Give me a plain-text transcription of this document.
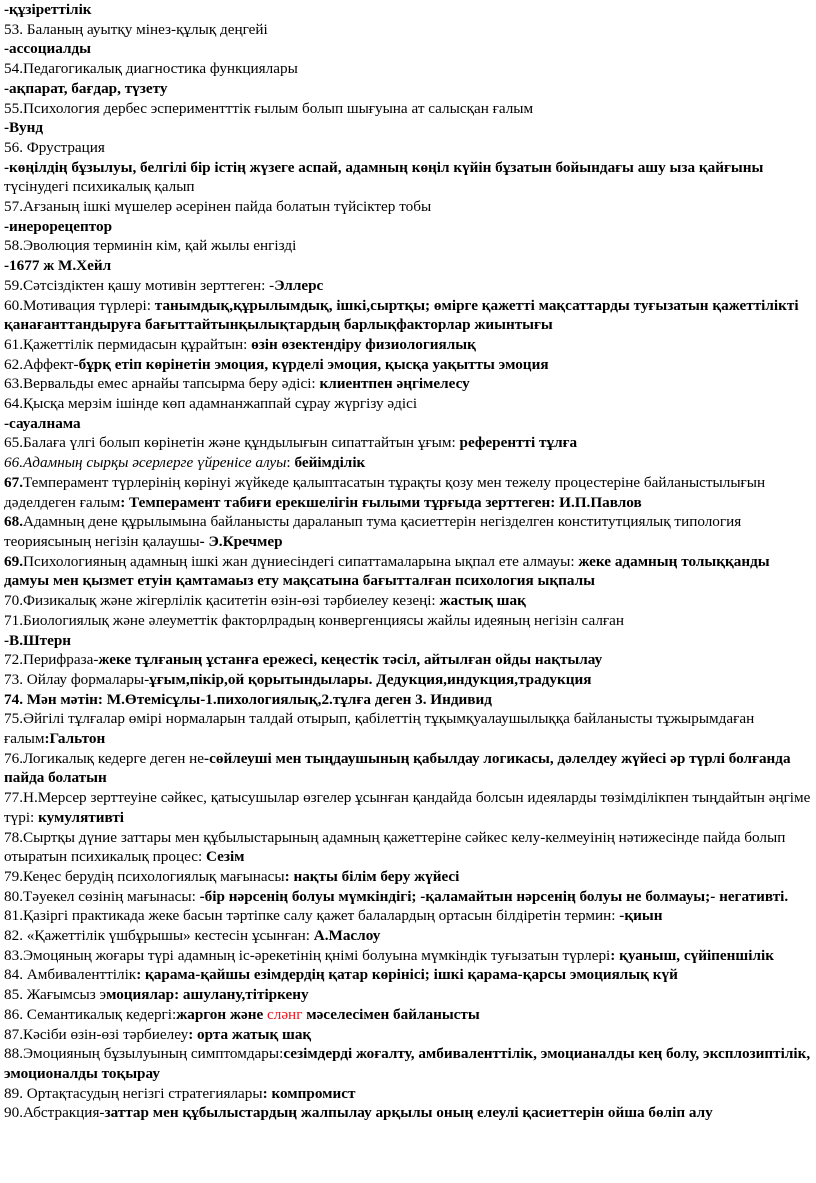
-құзіреттілік
53. Баланың ауытқу мінез-құлық деңгейі
-ассоциалды
54.Педагогикалық диагностика функциялары
-ақпарат, бағдар, түзету
55.Психология дербес эспериментттік ғылым болып шығуына ат салысқан ғалым
-Вунд
56. Фрустрация
-көңілдің бұзылуы, белгілі бір істің жүзеге аспай, адамның көңіл күйін бұзатын бойындағы ашу ыза қайғыны түсінудегі психикалық қалып
57.Ағзаның ішкі мүшелер әсерінен пайда болатын түйсіктер тобы
-инерорецептор
58.Эволюция терминін кім, қай жылы енгізді
-1677 ж М.Хейл
59.Сәтсіздіктен қашу мотивін зерттеген: -Эллерс
60.Мотивация түрлері: танымдық,құрылымдық, ішкі,сыртқы; өмірге қажетті мақсаттарды туғызатын қажеттілікті қанағанттандыруға бағыттайтынқылықтардың барлықфакторлар жиынтығы
61.Қажеттілік пермидасын құрайтын: өзін өзектендіру физиологиялық
62.Аффект-бұрқ етіп көрінетін эмоция, күрделі эмоция, қысқа уақытты эмоция
63.Вервальды емес арнайы тапсырма беру әдісі: клиентпен әңгімелесу
64.Қысқа мерзім ішінде көп адамнанжаппай сұрау жүргізу әдісі
-сауалнама
65.Балаға үлгі болып көрінетін және құндылығын сипаттайтын ұғым: референтті тұлға
66.Адамның сырқы әсерлерге үйренісе алуы: бейімділік
67.Темперамент түрлерінің көрінуі жүйкеде қалыптасатын тұрақты қозу мен тежелу процестеріне байланыстылығын дәделдеген ғалым: Темперамент табиғи ерекшелігін ғылыми тұрғыда зерттеген: И.П.Павлов
68.Адамның дене құрылымына байланысты дараланып тума қасиеттерін негізделген конститутциялық типология теориясының негізін қалаушы- Э.Кречмер
69.Психологияның адамның ішкі жан дүниесіндегі сипаттамаларына ықпал ете алмауы: жеке адамның толыққанды дамуы мен қызмет етуін қамтамаыз ету мақсатына бағытталған психология ықпалы
70.Физикалық және жігерлілік қаситетін өзін-өзі тәрбиелеу кезеңі: жастық шақ
71.Биологиялық және әлеуметтік факторлрадың конвергенциясы жайлы идеяның негізін салған
-В.Штерн
72.Перифраза-жеке тұлғаның ұстанға ережесі, кеңестік тәсіл, айтылған ойды нақтылау
73. Ойлау формалары-ұғым,пікір,ой қорытындылары. Дедукция,индукция,традукция
74. Мән мәтін: М.Өтемісұлы-1.пихологиялық,2.тұлға деген 3. Индивид
75.Әйгілі тұлғалар өмірі нормаларын талдай отырып, қабілеттің тұқымқуалаушылыққа байланысты тұжырымдаған ғалым:Гальтон
76.Логикалық кедерге деген не-сөйлеуші мен тыңдаушының қабылдау логикасы, дәлелдеу жүйесі әр түрлі болғанда пайда болатын
77.Н.Мерсер зерттеуіне сәйкес, қатысушылар өзгелер ұсынған қандайда болсын идеяларды төзімділікпен тыңдайтын әңгіме түрі: кумулятивті
78.Сыртқы дүние заттары мен құбылыстарының адамның қажеттеріне сәйкес келу-келмеуінің нәтижесінде пайда болып отыратын психикалық процес: Сезім
79.Кеңес берудің психологиялық мағынасы: нақты білім беру жүйесі
80.Тәуекел сөзінің мағынасы: -бір нәрсенің болуы мүмкіндігі; -қаламайтын нәрсенің болуы не болмауы;- негативті.
81.Қазіргі практикада жеке басын тәртіпке салу қажет балалардың ортасын білдіретін термин: -қиын
82. «Қажеттілік үшбұрышы» кестесін ұсынған: А.Маслоу
83.Эмоцяның жоғары түрі адамның іс-әрекетінің қнімі болуына мүмкіндік туғызатын түрлері: қуаныш, сүйіпеншілік
84. Амбиваленттілік: қарама-қайшы езімдердің қатар көрінісі; ішкі қарама-қарсы эмоциялық күй
85. Жағымсыз эмоциялар: ашулану,тітіркену
86. Семантикалық кедергі:жаргон және сләнг мәселесімен байланысты
87.Кәсіби өзін-өзі тәрбиелеу: орта жатық шақ
88.Эмоцияның бұзылуының симптомдары:сезімдерді жоғалту, амбиваленттілік, эмоцианалды кең болу, эксплозиптілік, эмоционалды тоқырау
89. Ортақтасудың негізгі стратегиялары: компромист
90.Абстракция-заттар мен құбылыстардың жалпылау арқылы оның елеулі қасиеттерін ойша бөліп алу
